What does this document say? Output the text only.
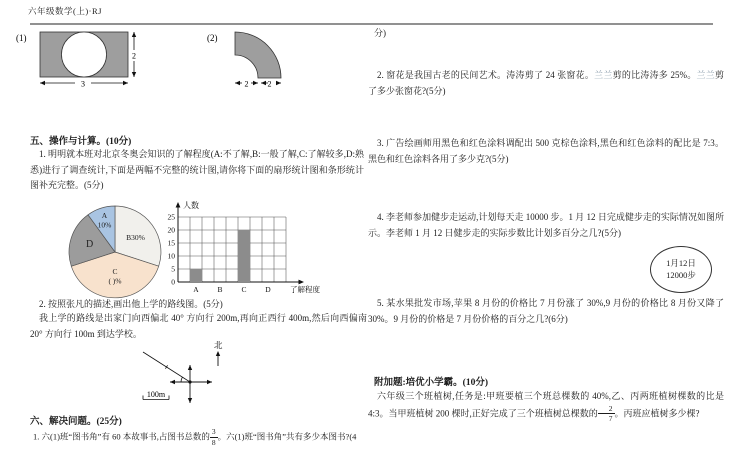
六年级数学(上)·RJ
(1)
2
3
(2)
2 2
五、操作与计算。(10分)
1. 明明就本班对北京冬奥会知识的了解程度(A:不了解,B:一般了解,C:了解较多,D:熟悉)进行了调查统计,下面是两幅不完整的统计图,请你将下面的扇形统计图和条形统计图补充完整。(5分)
B30%
C
( )%
D
A
10%
0
5
10
15
20
25
人数
了解程度
A	B	C	D
2. 按照张凡的描述,画出他上学的路线图。(5分)
我上学的路线是出家门向西偏北 40° 方向行 200m,再向正西行 400m,然后向西偏南 20° 方向行 100m 到达学校。
北
100m
六、解决问题。(25分)
1. 六(1)班“图书角”有 60 本故事书,占图书总数的 $\frac{3}{8}$ 。六(1)班“图书角”共有多少本图书?(4
分)
2. 窗花是我国古老的民间艺术。涛涛剪了 24 张窗花。兰兰剪的比涛涛多 25%。兰兰剪了多少张窗花?(5分)
3. 广告绘画师用黑色和红色涂料调配出 500 克棕色涂料,黑色和红色涂料的配比是 7:3。黑色和红色涂料各用了多少克?(5分)
4. 李老师参加健步走运动,计划每天走 10000 步。1 月 12 日完成健步走的实际情况如图所示。李老师 1 月 12 日健步走的实际步数比计划多百分之几?(5分)
1月12日
12000步
5. 某水果批发市场,苹果 8 月份的价格比 7 月份涨了 30%,9 月份的价格比 8 月份又降了 30%。9 月份的价格是 7 月份价格的百分之几?(6分)
附加题:培优小学霸。(10分)
六年级三个班植树,任务是:甲班要植三个班总棵数的 40%,乙、丙两班植树棵数的比是 4:3。当甲班植树 200 棵时,正好完成了三个班植树总棵数的 $\frac{2}{7}$ 。丙班应植树多少棵?
